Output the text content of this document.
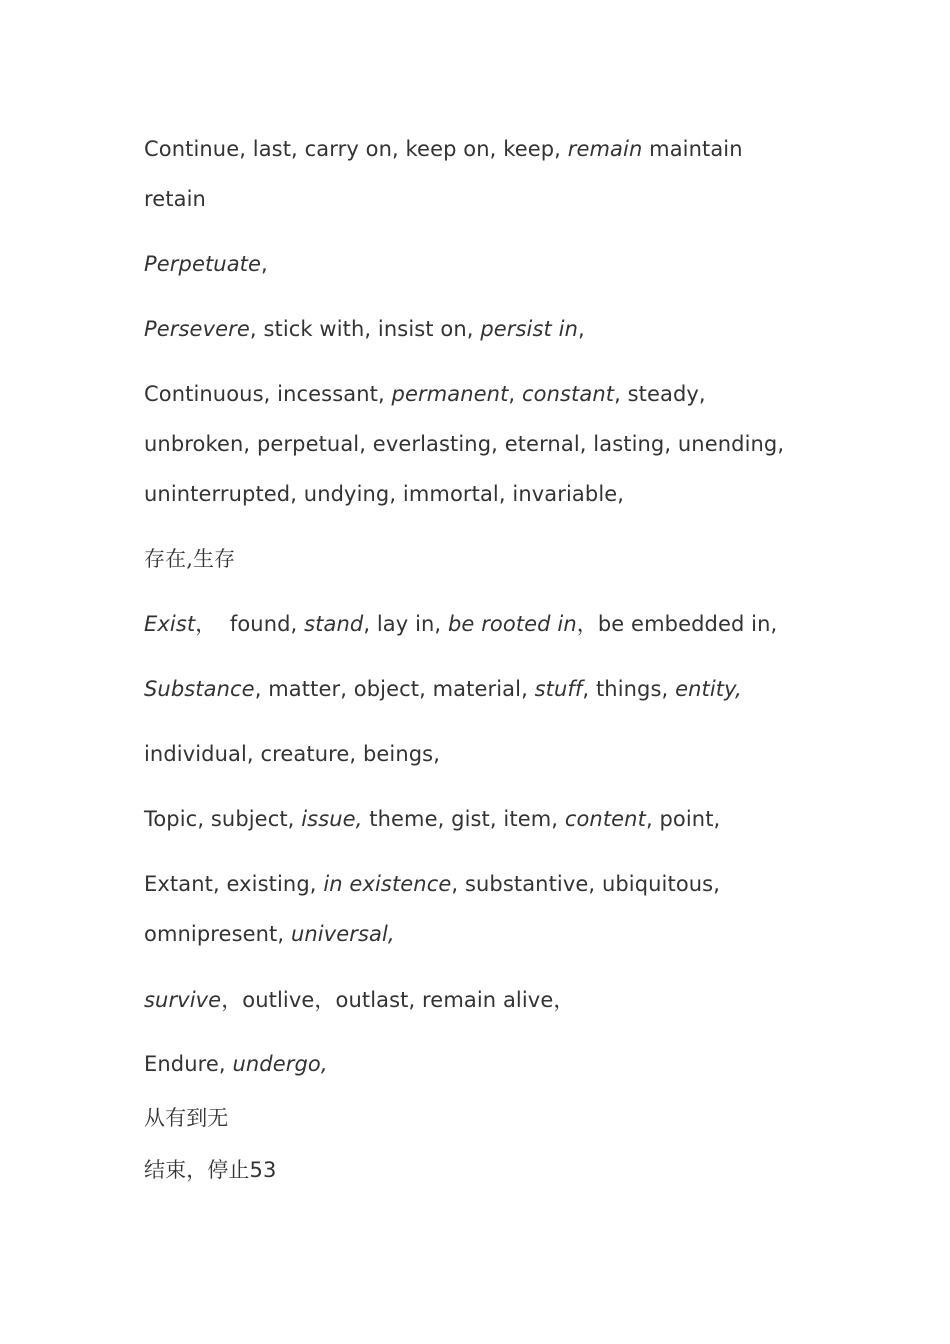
Continue, last, carry on, keep on, keep, remain maintain
retain
Perpetuate,
Persevere, stick with, insist on, persist in,
Continuous, incessant, permanent, constant, steady,
unbroken, perpetual, everlasting, eternal, lasting, unending,
uninterrupted, undying, immortal, invariable,
存在,生存
Exist，  found, stand, lay in, be rooted in，be embedded in,
Substance, matter, object, material, stuff, things, entity,
individual, creature, beings,
Topic, subject, issue, theme, gist, item, content, point,
Extant, existing, in existence, substantive, ubiquitous,
omnipresent, universal,
survive，outlive，outlast, remain alive，
Endure, undergo,
从有到无
结束，停止53
